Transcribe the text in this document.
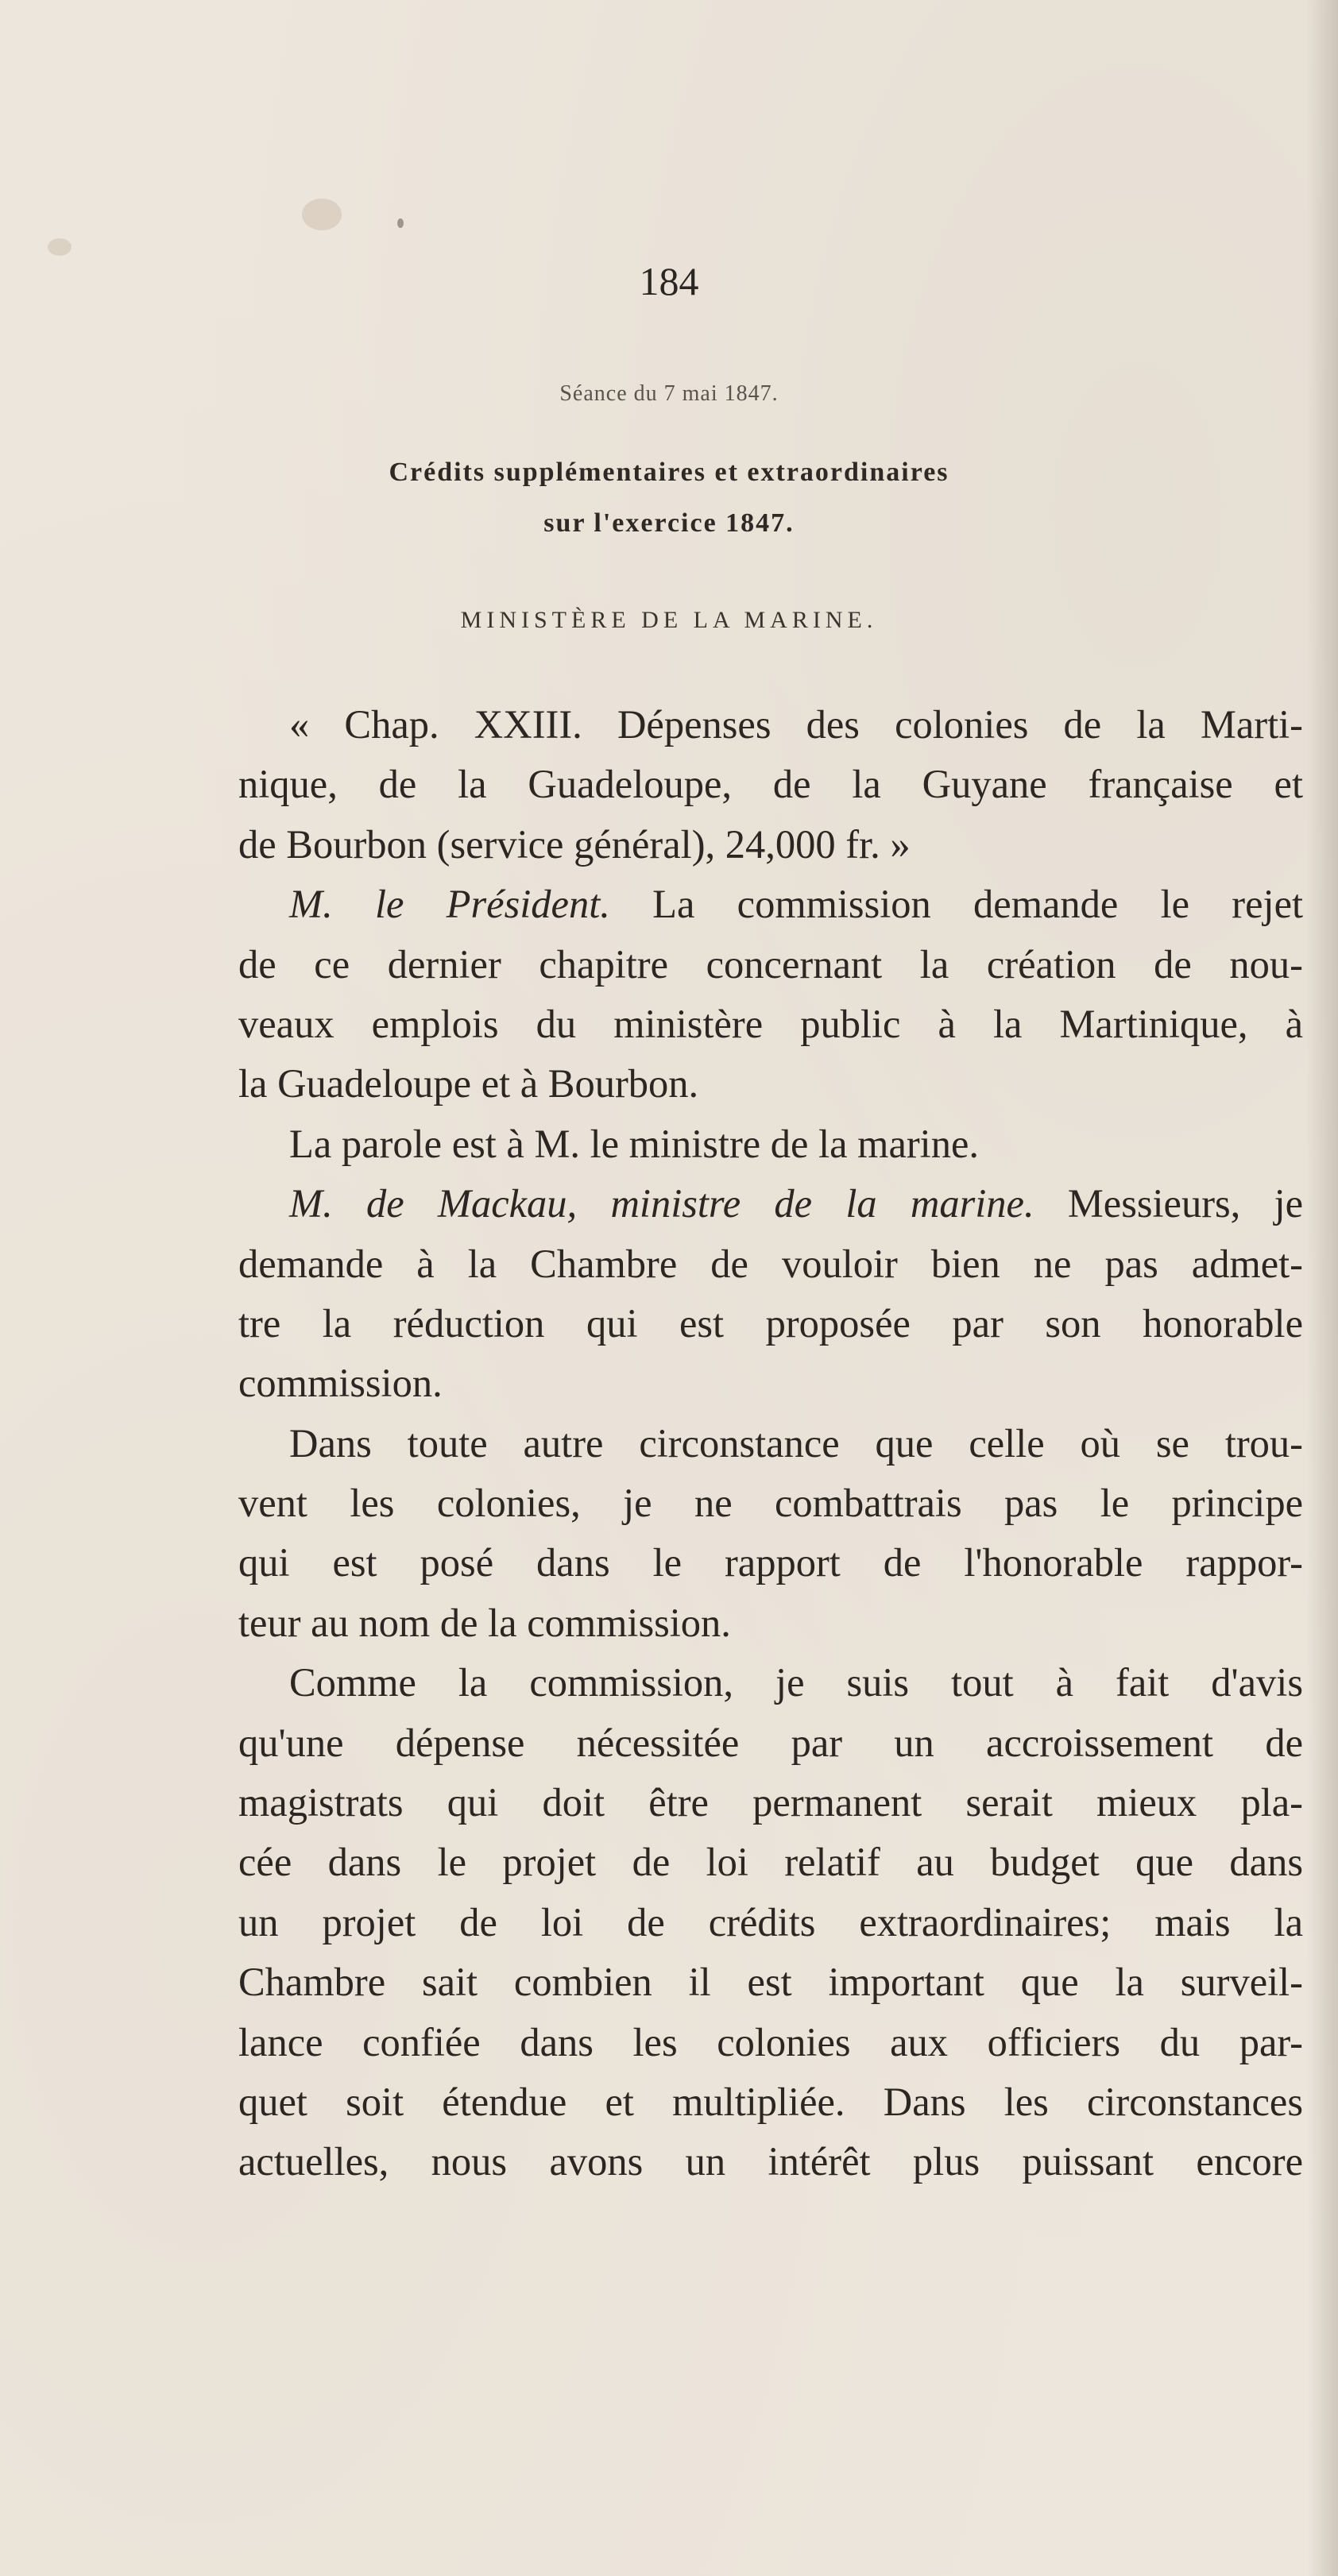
184
Séance du 7 mai 1847.
Crédits supplémentaires et extraordinaires
sur l'exercice 1847.
MINISTÈRE DE LA MARINE.
« Chap. XXIII. Dépenses des colonies de la Marti-
nique, de la Guadeloupe, de la Guyane française et
de Bourbon (service général), 24,000 fr. »
M. le Président. La commission demande le rejet
de ce dernier chapitre concernant la création de nou-
veaux emplois du ministère public à la Martinique, à
la Guadeloupe et à Bourbon.
La parole est à M. le ministre de la marine.
M. de Mackau, ministre de la marine. Messieurs, je
demande à la Chambre de vouloir bien ne pas admet-
tre la réduction qui est proposée par son honorable
commission.
Dans toute autre circonstance que celle où se trou-
vent les colonies, je ne combattrais pas le principe
qui est posé dans le rapport de l'honorable rappor-
teur au nom de la commission.
Comme la commission, je suis tout à fait d'avis
qu'une dépense nécessitée par un accroissement de
magistrats qui doit être permanent serait mieux pla-
cée dans le projet de loi relatif au budget que dans
un projet de loi de crédits extraordinaires; mais la
Chambre sait combien il est important que la surveil-
lance confiée dans les colonies aux officiers du par-
quet soit étendue et multipliée. Dans les circonstances
actuelles, nous avons un intérêt plus puissant encore
